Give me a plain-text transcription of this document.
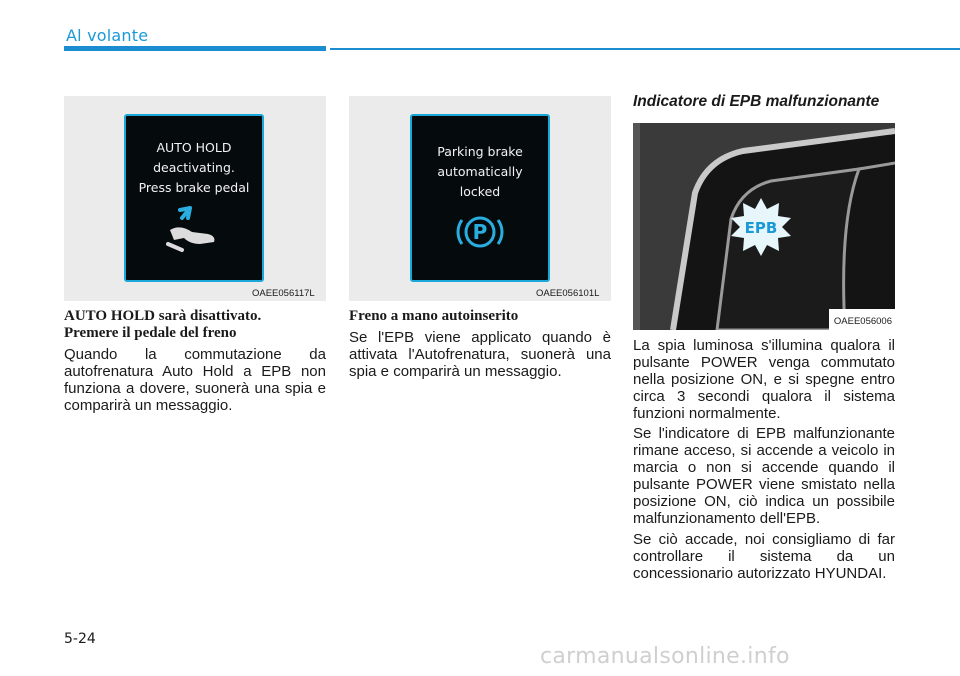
Al volante
AUTO HOLD
deactivating.
Press brake pedal
OAEE056117L
Parking brake
automatically
locked
P
OAEE056101L
EPB
OAEE056006
AUTO HOLD sarà disattivato.
Premere il pedale del freno
Quando la commutazione da autofrenatura Auto Hold a EPB non funziona a dovere, suonerà una spia e comparirà un messaggio.
Freno a mano autoinserito
Se l'EPB viene applicato quando è attivata l'Autofrenatura, suonerà una spia e comparirà un messaggio.
Indicatore di EPB malfunzionante
La spia luminosa s'illumina qualora il pulsante POWER venga commutato nella posizione ON, e si spegne entro circa 3 secondi qualora il sistema funzioni normalmente.
Se l'indicatore di EPB malfunzionante rimane acceso, si accende a veicolo in marcia o non si accende quando il pulsante POWER viene smistato nella posizione ON, ciò indica un possibile malfunzionamento dell'EPB.
Se ciò accade, noi consigliamo di far controllare il sistema da un concessionario autorizzato HYUNDAI.
5-24
carmanualsonline.info
